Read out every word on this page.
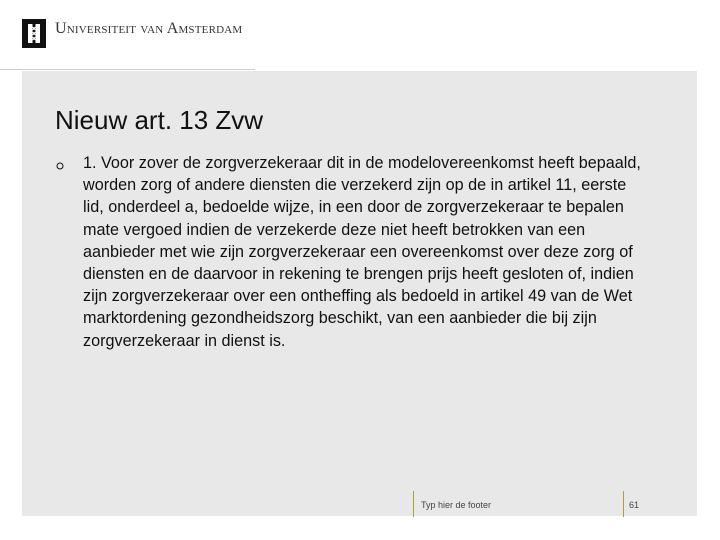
Universiteit van Amsterdam
Nieuw art. 13 Zvw

1. Voor zover de zorgverzekeraar dit in de modelovereenkomst heeft bepaald, worden zorg of andere diensten die verzekerd zijn op de in artikel 11, eerste lid, onderdeel a, bedoelde wijze, in een door de zorgverzekeraar te bepalen mate vergoed indien de verzekerde deze niet heeft betrokken van een aanbieder met wie zijn zorgverzekeraar een overeenkomst over deze zorg of diensten en de daarvoor in rekening te brengen prijs heeft gesloten of, indien zijn zorgverzekeraar over een ontheffing als bedoeld in artikel 49 van de Wet marktordening gezondheidszorg beschikt, van een aanbieder die bij zijn zorgverzekeraar in dienst is.

Typ hier de footer	61
